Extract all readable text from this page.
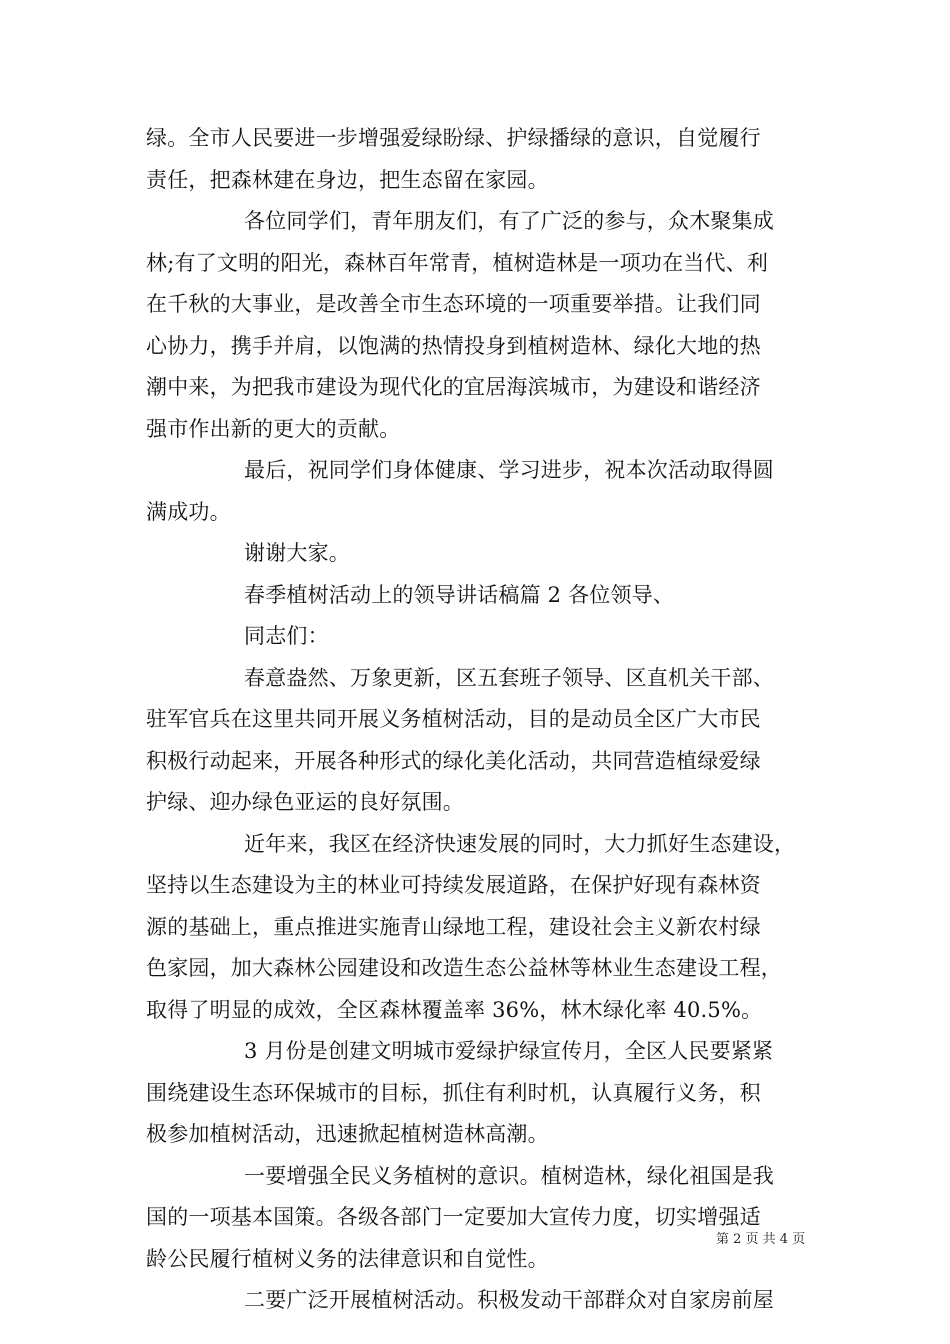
绿。全市人民要进一步增强爱绿盼绿、护绿播绿的意识，自觉履行
责任，把森林建在身边，把生态留在家园。
各位同学们，青年朋友们，有了广泛的参与，众木聚集成
林;有了文明的阳光，森林百年常青，植树造林是一项功在当代、利
在千秋的大事业，是改善全市生态环境的一项重要举措。让我们同
心协力，携手并肩，以饱满的热情投身到植树造林、绿化大地的热
潮中来，为把我市建设为现代化的宜居海滨城市，为建设和谐经济
强市作出新的更大的贡献。
最后，祝同学们身体健康、学习进步，祝本次活动取得圆
满成功。
谢谢大家。
春季植树活动上的领导讲话稿篇 2 各位领导、
同志们：
春意盎然、万象更新，区五套班子领导、区直机关干部、
驻军官兵在这里共同开展义务植树活动，目的是动员全区广大市民
积极行动起来，开展各种形式的绿化美化活动，共同营造植绿爱绿
护绿、迎办绿色亚运的良好氛围。
近年来，我区在经济快速发展的同时，大力抓好生态建设，
坚持以生态建设为主的林业可持续发展道路，在保护好现有森林资
源的基础上，重点推进实施青山绿地工程，建设社会主义新农村绿
色家园，加大森林公园建设和改造生态公益林等林业生态建设工程，
取得了明显的成效，全区森林覆盖率 36%，林木绿化率 40.5%。
3 月份是创建文明城市爱绿护绿宣传月，全区人民要紧紧
围绕建设生态环保城市的目标，抓住有利时机，认真履行义务，积
极参加植树活动，迅速掀起植树造林高潮。
一要增强全民义务植树的意识。植树造林，绿化祖国是我
国的一项基本国策。各级各部门一定要加大宣传力度，切实增强适
龄公民履行植树义务的法律意识和自觉性。
二要广泛开展植树活动。积极发动干部群众对自家房前屋
第 2 页 共 4 页
